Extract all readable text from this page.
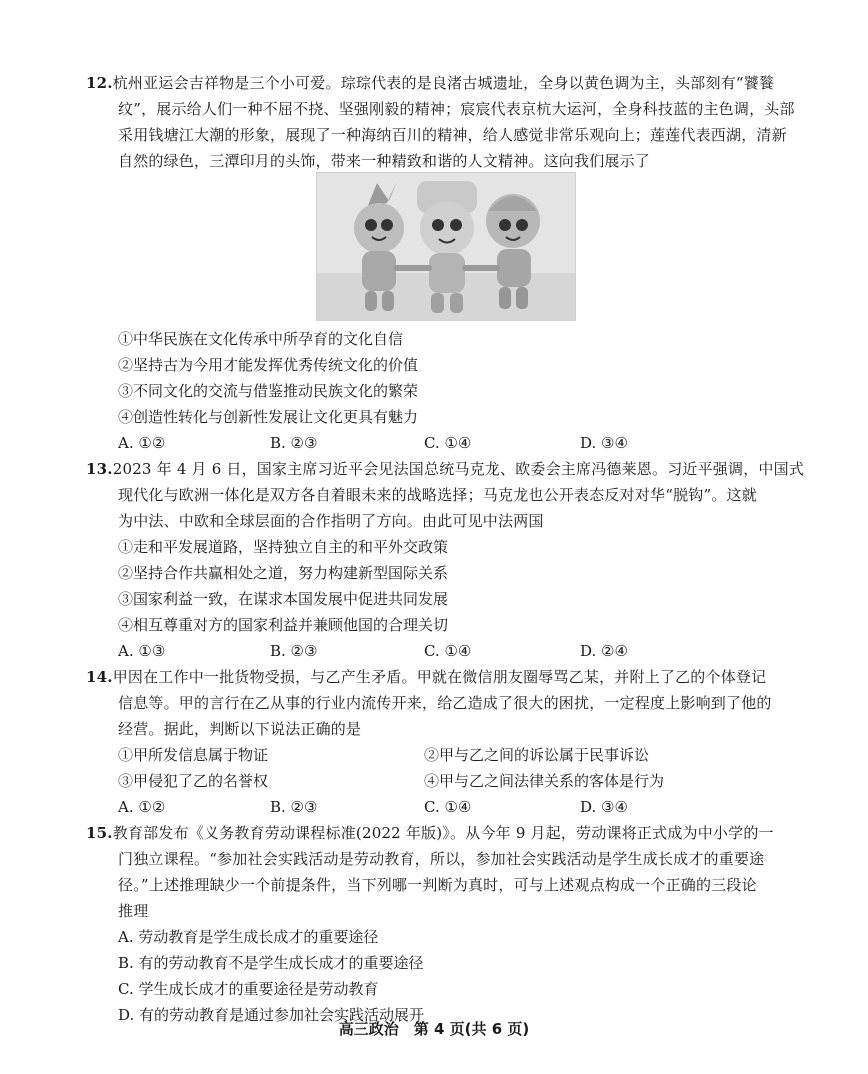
12.杭州亚运会吉祥物是三个小可爱。琮琮代表的是良渚古城遗址，全身以黄色调为主，头部刻有“饕餮
纹”，展示给人们一种不屈不挠、坚强刚毅的精神；宸宸代表京杭大运河，全身科技蓝的主色调，头部
采用钱塘江大潮的形象，展现了一种海纳百川的精神，给人感觉非常乐观向上；莲莲代表西湖，清新
自然的绿色，三潭印月的头饰，带来一种精致和谐的人文精神。这向我们展示了
①中华民族在文化传承中所孕育的文化自信
②坚持古为今用才能发挥优秀传统文化的价值
③不同文化的交流与借鉴推动民族文化的繁荣
④创造性转化与创新性发展让文化更具有魅力
A. ①②	B. ②③	C. ①④	D. ③④
13.2023 年 4 月 6 日，国家主席习近平会见法国总统马克龙、欧委会主席冯德莱恩。习近平强调，中国式
现代化与欧洲一体化是双方各自着眼未来的战略选择；马克龙也公开表态反对对华“脱钩”。这就
为中法、中欧和全球层面的合作指明了方向。由此可见中法两国
①走和平发展道路，坚持独立自主的和平外交政策
②坚持合作共赢相处之道，努力构建新型国际关系
③国家利益一致，在谋求本国发展中促进共同发展
④相互尊重对方的国家利益并兼顾他国的合理关切
A. ①③	B. ②③	C. ①④	D. ②④
14.甲因在工作中一批货物受损，与乙产生矛盾。甲就在微信朋友圈辱骂乙某，并附上了乙的个体登记
信息等。甲的言行在乙从事的行业内流传开来，给乙造成了很大的困扰，一定程度上影响到了他的
经营。据此，判断以下说法正确的是
①甲所发信息属于物证	②甲与乙之间的诉讼属于民事诉讼
③甲侵犯了乙的名誉权	④甲与乙之间法律关系的客体是行为
A. ①②	B. ②③	C. ①④	D. ③④
15.教育部发布《义务教育劳动课程标准(2022 年版)》。从今年 9 月起，劳动课将正式成为中小学的一
门独立课程。“参加社会实践活动是劳动教育，所以，参加社会实践活动是学生成长成才的重要途
径。”上述推理缺少一个前提条件，当下列哪一判断为真时，可与上述观点构成一个正确的三段论
推理
A. 劳动教育是学生成长成才的重要途径
B. 有的劳动教育不是学生成长成才的重要途径
C. 学生成长成才的重要途径是劳动教育
D. 有的劳动教育是通过参加社会实践活动展开
高三政治　第 4 页(共 6 页)
